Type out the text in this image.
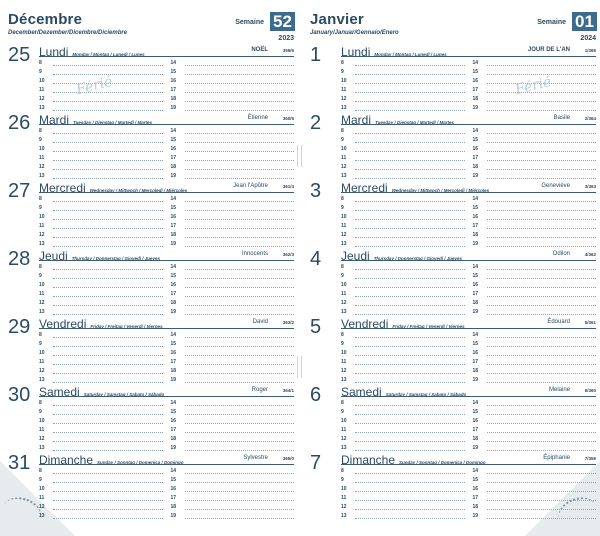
Décembre
December/Dezember/Dicembre/Diciembre
Semaine 52
2023
25 Lundi Monday / Montag / Lunedì / Lunes
NOËL	359/6
8
9
10
11
12
13
14
15
16
17
18
19
26 Mardi Tuesday / Dienstag / Martedì / Martes
Étienne	360/5
8
9
10
11
12
13
14
15
16
17
18
19
27 Mercredi Wednesday / Mittwoch / Mercoledì / Miércoles
Jean l'Apôtre	361/4
8
9
10
11
12
13
14
15
16
17
18
19
28 Jeudi Thursday / Donnerstag / Giovedì / Jueves
Innocents	362/3
8
9
10
11
12
13
14
15
16
17
18
19
29 Vendredi Friday / Freitag / Venerdì / Viernes
David	363/2
8
9
10
11
12
13
14
15
16
17
18
19
30 Samedi Saturday / Samstag / Sabato / Sábado
Roger	364/1
8
9
10
11
12
13
14
15
16
17
18
19
31 Dimanche Sunday / Sonntag / Domenica / Domingo
Sylvestre	365/0
8
9
10
11
12
13
14
15
16
17
18
19
Férié
Janvier
January/Januar/Gennaio/Enero
Semaine 01
2024
1	Lundi Monday / Montag / Lunedì / Lunes
JOUR DE L'AN	1/365
8
9
10
11
12
13
14
15
16
17
18
19
2	Mardi Tuesday / Dienstag / Martedì / Martes
Basile	2/364
8
9
10
11
12
13
14
15
16
17
18
19
3	Mercredi Wednesday / Mittwoch / Mercoledì / Miércoles
Geneviève	3/363
8
9
10
11
12
13
14
15
16
17
18
19
4	Jeudi Thursday / Donnerstag / Giovedì / Jueves
Odilon	4/362
8
9
10
11
12
13
14
15
16
17
18
19
5	Vendredi Friday / Freitag / Venerdì / Viernes
Édouard	5/361
8
9
10
11
12
13
14
15
16
17
18
19
6	Samedi Saturday / Samstag / Sabato / Sábado
Melaine	6/360
8
9
10
11
12
13
14
15
16
17
18
19
7	Dimanche Sunday / Sonntag / Domenica / Domingo
Épiphanie	7/359
8
9
10
11
12
13
14
15
16
17
18
19
Férié
